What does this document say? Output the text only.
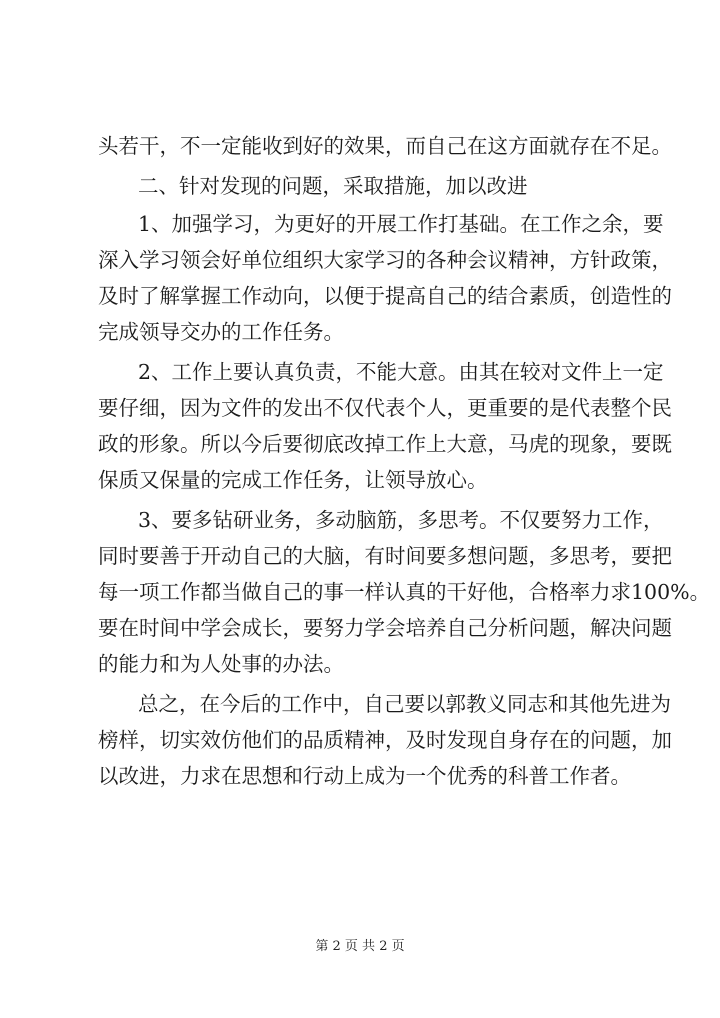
头若干，不一定能收到好的效果，而自己在这方面就存在不足。
二、针对发现的问题，采取措施，加以改进
1、加强学习，为更好的开展工作打基础。在工作之余，要
深入学习领会好单位组织大家学习的各种会议精神，方针政策，
及时了解掌握工作动向，以便于提高自己的结合素质，创造性的
完成领导交办的工作任务。
2、工作上要认真负责，不能大意。由其在较对文件上一定
要仔细，因为文件的发出不仅代表个人，更重要的是代表整个民
政的形象。所以今后要彻底改掉工作上大意，马虎的现象，要既
保质又保量的完成工作任务，让领导放心。
3、要多钻研业务，多动脑筋，多思考。不仅要努力工作，
同时要善于开动自己的大脑，有时间要多想问题，多思考，要把
每一项工作都当做自己的事一样认真的干好他，合格率力求100%。
要在时间中学会成长，要努力学会培养自己分析问题，解决问题
的能力和为人处事的办法。
总之，在今后的工作中，自己要以郭教义同志和其他先进为
榜样，切实效仿他们的品质精神，及时发现自身存在的问题，加
以改进，力求在思想和行动上成为一个优秀的科普工作者。
第 2 页 共 2 页
